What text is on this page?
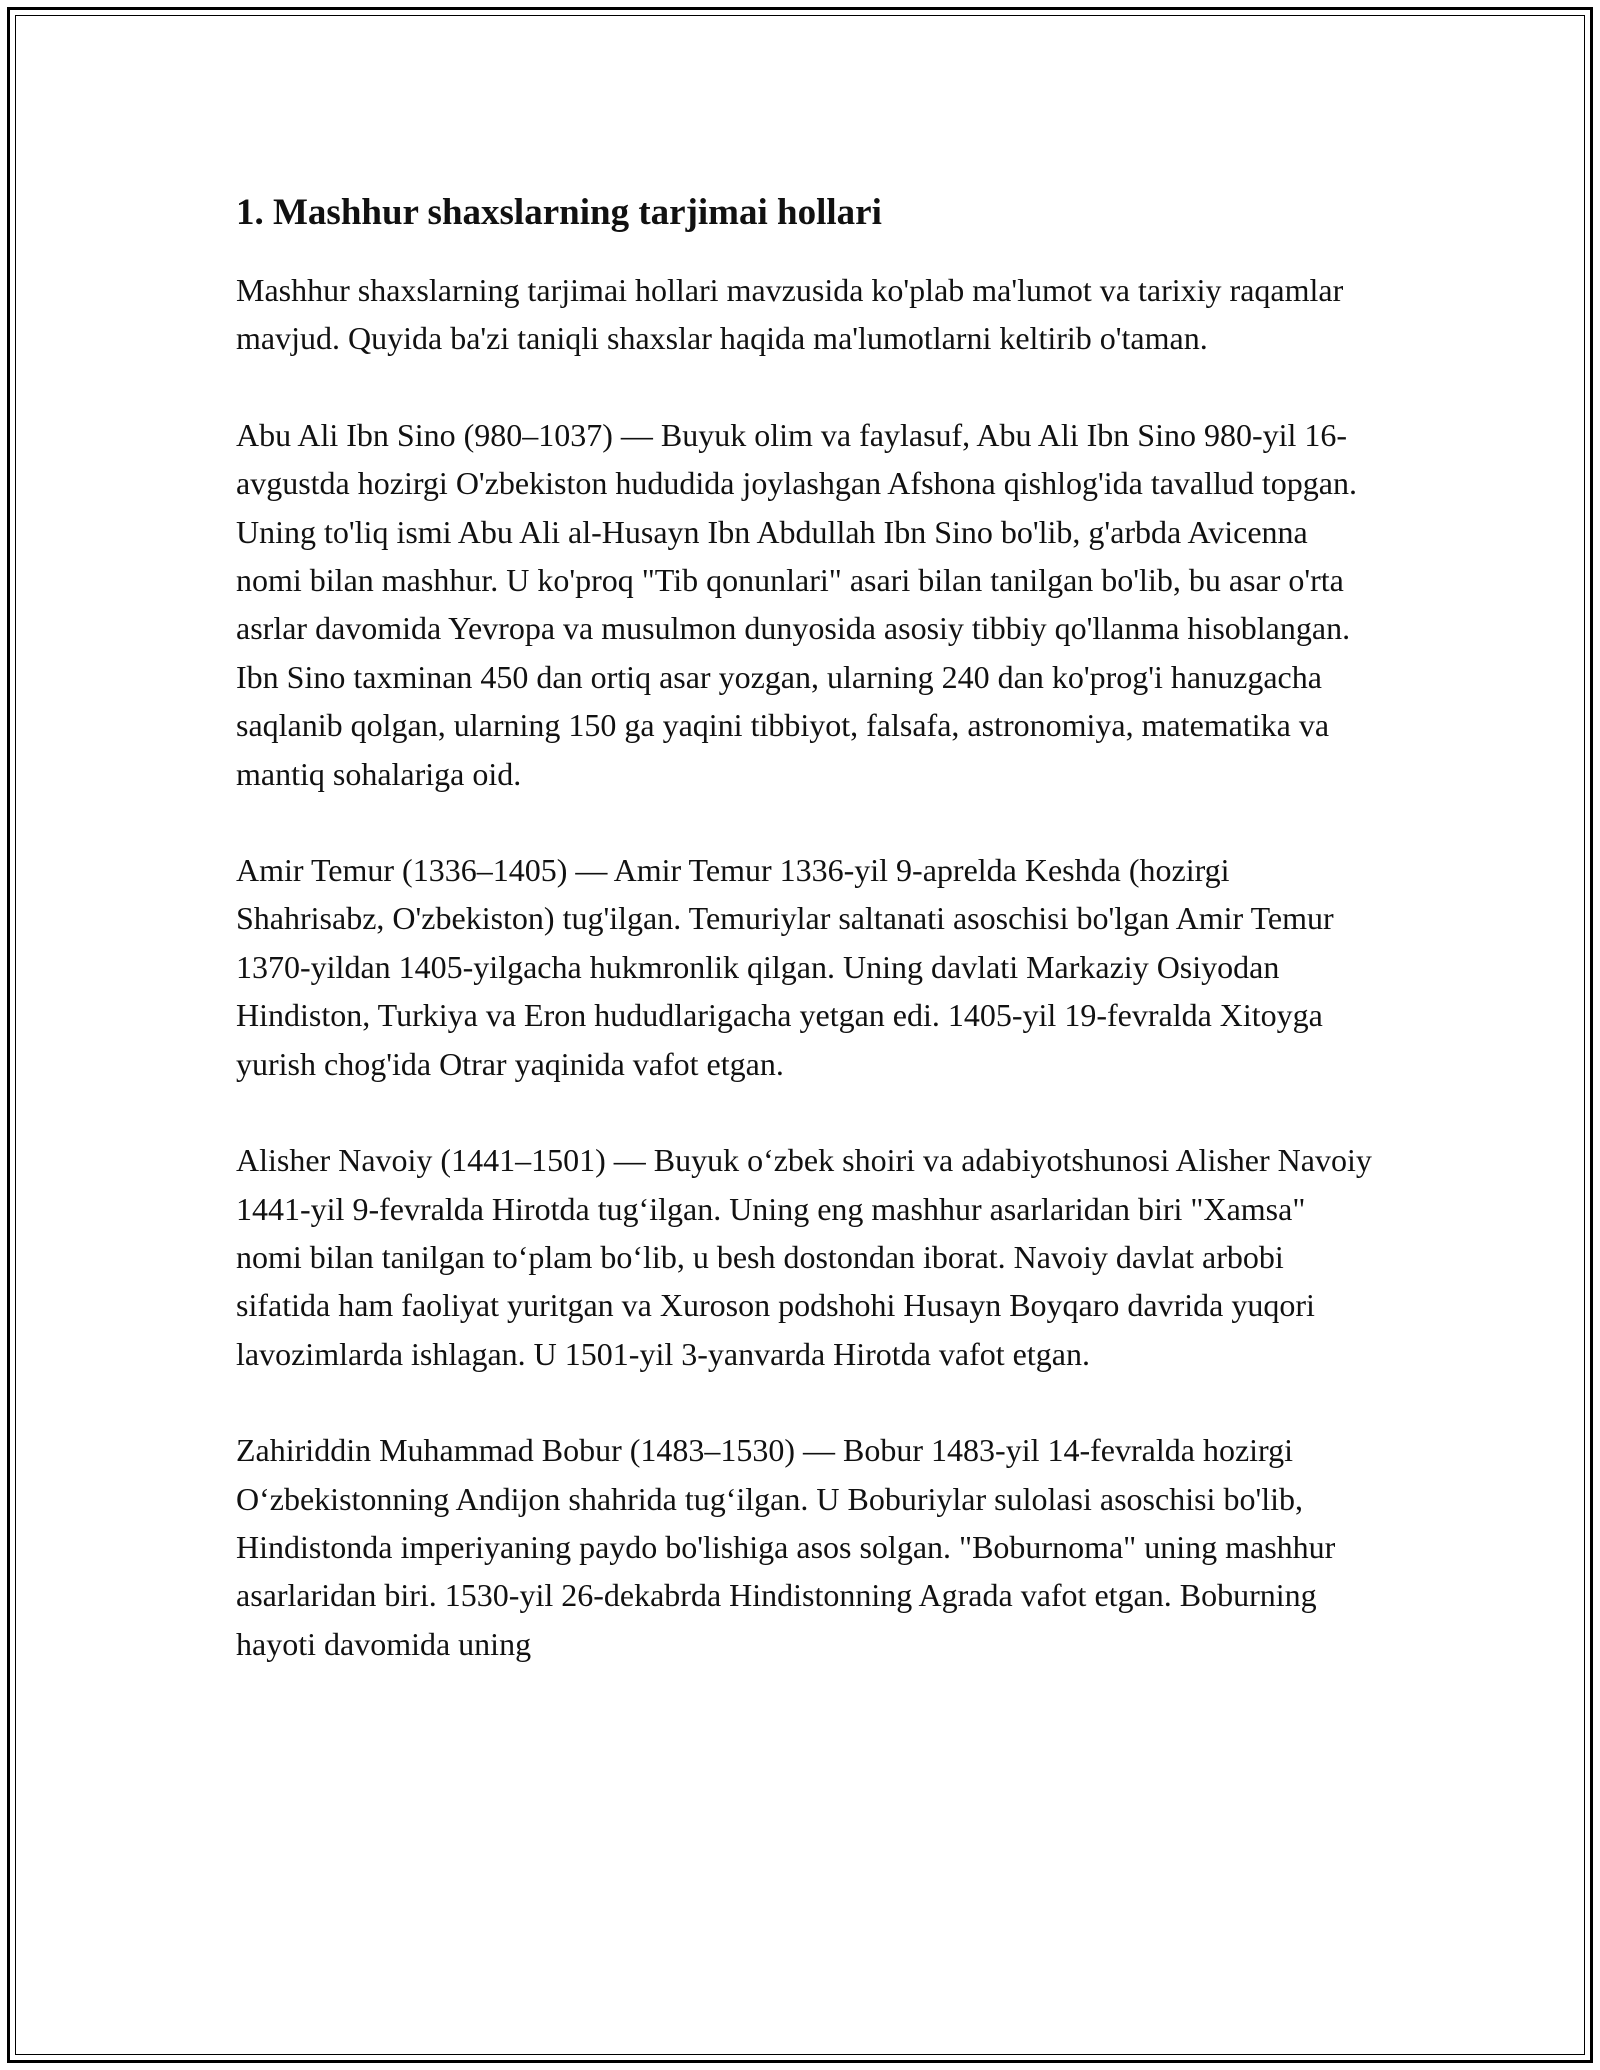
1. Mashhur shaxslarning tarjimai hollari

Mashhur shaxslarning tarjimai hollari mavzusida ko'plab ma'lumot va tarixiy raqamlar mavjud. Quyida ba'zi taniqli shaxslar haqida ma'lumotlarni keltirib o'taman.

Abu Ali Ibn Sino (980–1037) — Buyuk olim va faylasuf, Abu Ali Ibn Sino 980-yil 16-avgustda hozirgi O'zbekiston hududida joylashgan Afshona qishlog'ida tavallud topgan. Uning to'liq ismi Abu Ali al-Husayn Ibn Abdullah Ibn Sino bo'lib, g'arbda Avicenna nomi bilan mashhur. U ko'proq "Tib qonunlari" asari bilan tanilgan bo'lib, bu asar o'rta asrlar davomida Yevropa va musulmon dunyosida asosiy tibbiy qo'llanma hisoblangan. Ibn Sino taxminan 450 dan ortiq asar yozgan, ularning 240 dan ko'prog'i hanuzgacha saqlanib qolgan, ularning 150 ga yaqini tibbiyot, falsafa, astronomiya, matematika va mantiq sohalariga oid.

Amir Temur (1336–1405) — Amir Temur 1336-yil 9-aprelda Keshda (hozirgi Shahrisabz, O'zbekiston) tug'ilgan. Temuriylar saltanati asoschisi bo'lgan Amir Temur 1370-yildan 1405-yilgacha hukmronlik qilgan. Uning davlati Markaziy Osiyodan Hindiston, Turkiya va Eron hududlarigacha yetgan edi. 1405-yil 19-fevralda Xitoyga yurish chog'ida Otrar yaqinida vafot etgan.

Alisher Navoiy (1441–1501) — Buyuk o‘zbek shoiri va adabiyotshunosi Alisher Navoiy 1441-yil 9-fevralda Hirotda tug‘ilgan. Uning eng mashhur asarlaridan biri "Xamsa" nomi bilan tanilgan to‘plam bo‘lib, u besh dostondan iborat. Navoiy davlat arbobi sifatida ham faoliyat yuritgan va Xuroson podshohi Husayn Boyqaro davrida yuqori lavozimlarda ishlagan. U 1501-yil 3-yanvarda Hirotda vafot etgan.

Zahiriddin Muhammad Bobur (1483–1530) — Bobur 1483-yil 14-fevralda hozirgi O‘zbekistonning Andijon shahrida tug‘ilgan. U Boburiylar sulolasi asoschisi bo'lib, Hindistonda imperiyaning paydo bo'lishiga asos solgan. "Boburnoma" uning mashhur asarlaridan biri. 1530-yil 26-dekabrda Hindistonning Agrada vafot etgan. Boburning hayoti davomida uning
